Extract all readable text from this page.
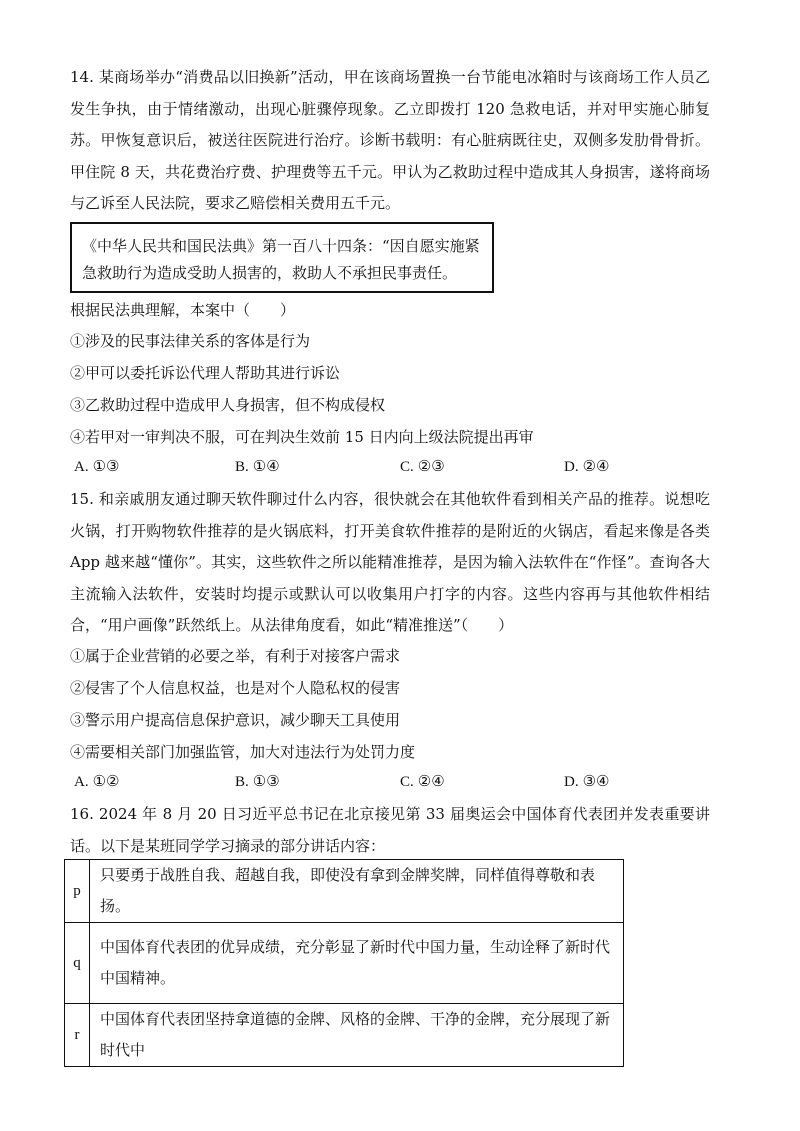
14. 某商场举办“消费品以旧换新”活动，甲在该商场置换一台节能电冰箱时与该商场工作人员乙发生争执，由于情绪激动，出现心脏骤停现象。乙立即拨打 120 急救电话，并对甲实施心肺复苏。甲恢复意识后，被送往医院进行治疗。诊断书载明：有心脏病既往史，双侧多发肋骨骨折。甲住院 8 天，共花费治疗费、护理费等五千元。甲认为乙救助过程中造成其人身损害，遂将商场与乙诉至人民法院，要求乙赔偿相关费用五千元。

《中华人民共和国民法典》第一百八十四条：“因自愿实施紧急救助行为造成受助人损害的，救助人不承担民事责任。

根据民法典理解，本案中（　　）

①涉及的民事法律关系的客体是行为

②甲可以委托诉讼代理人帮助其进行诉讼

③乙救助过程中造成甲人身损害，但不构成侵权

④若甲对一审判决不服，可在判决生效前 15 日内向上级法院提出再审

A. ①③	B. ①④	C. ②③	D. ②④

15. 和亲戚朋友通过聊天软件聊过什么内容，很快就会在其他软件看到相关产品的推荐。说想吃火锅，打开购物软件推荐的是火锅底料，打开美食软件推荐的是附近的火锅店，看起来像是各类 App 越来越“懂你”。其实，这些软件之所以能精准推荐，是因为输入法软件在“作怪”。查询各大主流输入法软件，安装时均提示或默认可以收集用户打字的内容。这些内容再与其他软件相结合，“用户画像”跃然纸上。从法律角度看，如此“精准推送”（　　）

①属于企业营销的必要之举，有利于对接客户需求

②侵害了个人信息权益，也是对个人隐私权的侵害

③警示用户提高信息保护意识，减少聊天工具使用

④需要相关部门加强监管，加大对违法行为处罚力度

A. ①②	B. ①③	C. ②④	D. ③④

16. 2024 年 8 月 20 日习近平总书记在北京接见第 33 届奥运会中国体育代表团并发表重要讲话。以下是某班同学学习摘录的部分讲话内容：

p	只要勇于战胜自我、超越自我，即使没有拿到金牌奖牌，同样值得尊敬和表扬。
q	中国体育代表团的优异成绩，充分彰显了新时代中国力量，生动诠释了新时代中国精神。
r	中国体育代表团坚持拿道德的金牌、风格的金牌、干净的金牌，充分展现了新时代中
